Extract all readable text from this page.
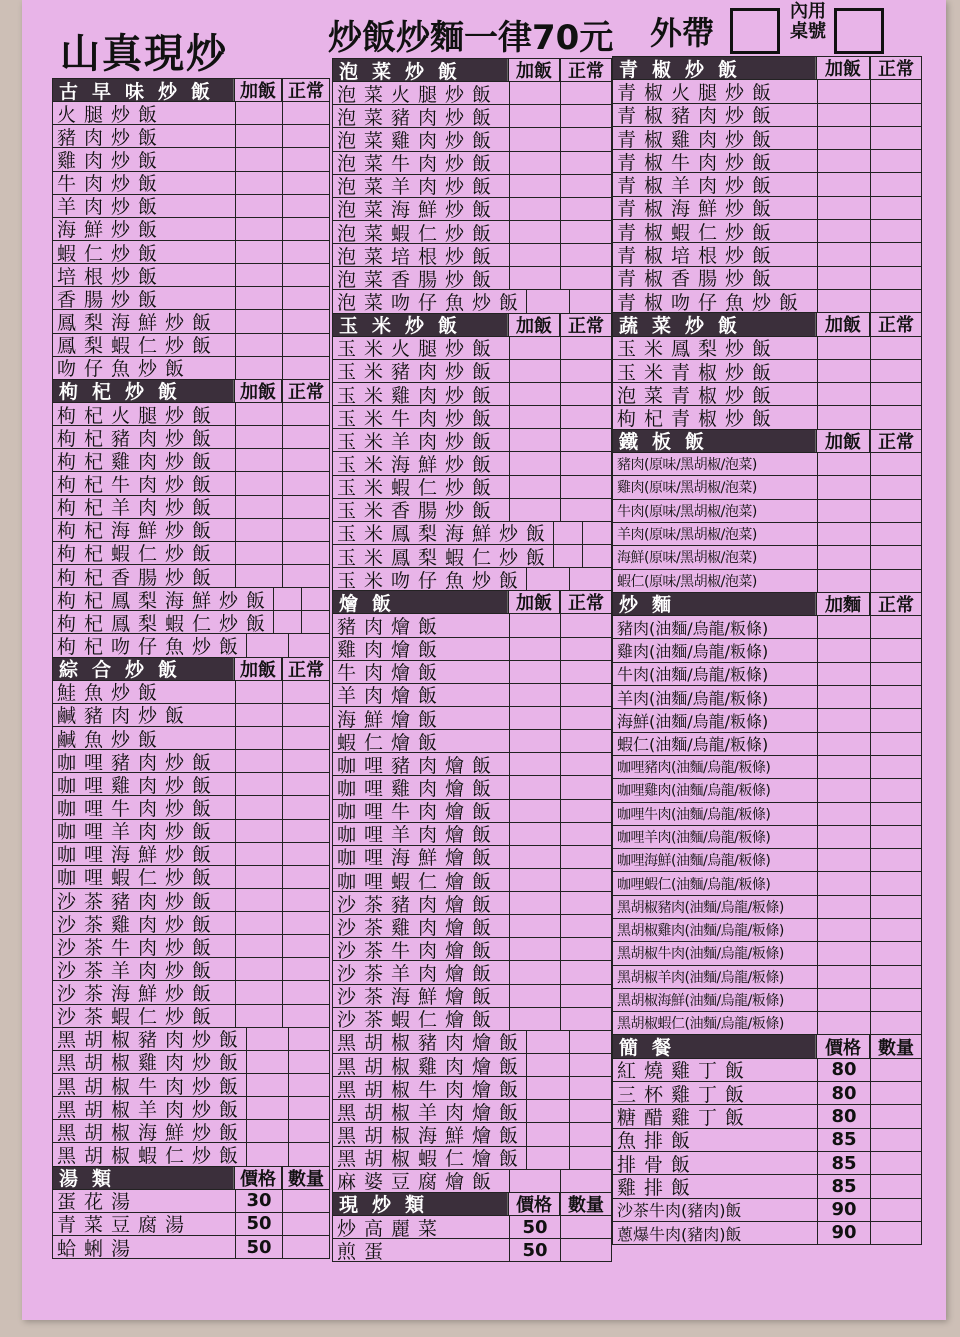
山真現炒	炒飯炒麵一律70元 外帶
內用
桌號
古早味炒飯 加飯 正常
火腿炒飯
豬肉炒飯
雞肉炒飯
牛肉炒飯
羊肉炒飯
海鮮炒飯
蝦仁炒飯
培根炒飯
香腸炒飯
鳳梨海鮮炒飯
鳳梨蝦仁炒飯
吻仔魚炒飯
枸杞炒飯	加飯 正常
枸杞火腿炒飯
枸杞豬肉炒飯
枸杞雞肉炒飯
枸杞牛肉炒飯
枸杞羊肉炒飯
枸杞海鮮炒飯
枸杞蝦仁炒飯
枸杞香腸炒飯
枸杞鳳梨海鮮炒飯
枸杞鳳梨蝦仁炒飯
枸杞吻仔魚炒飯
綜合炒飯	加飯 正常
鮭魚炒飯
鹹豬肉炒飯
鹹魚炒飯
咖哩豬肉炒飯
咖哩雞肉炒飯
咖哩牛肉炒飯
咖哩羊肉炒飯
咖哩海鮮炒飯
咖哩蝦仁炒飯
沙茶豬肉炒飯
沙茶雞肉炒飯
沙茶牛肉炒飯
沙茶羊肉炒飯
沙茶海鮮炒飯
沙茶蝦仁炒飯
黑胡椒豬肉炒飯
黑胡椒雞肉炒飯
黑胡椒牛肉炒飯
黑胡椒羊肉炒飯
黑胡椒海鮮炒飯
黑胡椒蝦仁炒飯
湯類	價格 數量
蛋花湯	30
青菜豆腐湯	50
蛤蜊湯	50
泡菜炒飯	加飯 正常
泡菜火腿炒飯
泡菜豬肉炒飯
泡菜雞肉炒飯
泡菜牛肉炒飯
泡菜羊肉炒飯
泡菜海鮮炒飯
泡菜蝦仁炒飯
泡菜培根炒飯
泡菜香腸炒飯
泡菜吻仔魚炒飯
玉米炒飯	加飯 正常
玉米火腿炒飯
玉米豬肉炒飯
玉米雞肉炒飯
玉米牛肉炒飯
玉米羊肉炒飯
玉米海鮮炒飯
玉米蝦仁炒飯
玉米香腸炒飯
玉米鳳梨海鮮炒飯
玉米鳳梨蝦仁炒飯
玉米吻仔魚炒飯
燴飯	加飯 正常
豬肉燴飯
雞肉燴飯
牛肉燴飯
羊肉燴飯
海鮮燴飯
蝦仁燴飯
咖哩豬肉燴飯
咖哩雞肉燴飯
咖哩牛肉燴飯
咖哩羊肉燴飯
咖哩海鮮燴飯
咖哩蝦仁燴飯
沙茶豬肉燴飯
沙茶雞肉燴飯
沙茶牛肉燴飯
沙茶羊肉燴飯
沙茶海鮮燴飯
沙茶蝦仁燴飯
黑胡椒豬肉燴飯
黑胡椒雞肉燴飯
黑胡椒牛肉燴飯
黑胡椒羊肉燴飯
黑胡椒海鮮燴飯
黑胡椒蝦仁燴飯
麻婆豆腐燴飯
現炒類	價格 數量
炒高麗菜	50
煎蛋	50
青椒炒飯	加飯 正常
青椒火腿炒飯
青椒豬肉炒飯
青椒雞肉炒飯
青椒牛肉炒飯
青椒羊肉炒飯
青椒海鮮炒飯
青椒蝦仁炒飯
青椒培根炒飯
青椒香腸炒飯
青椒吻仔魚炒飯
蔬菜炒飯	加飯 正常
玉米鳳梨炒飯
玉米青椒炒飯
泡菜青椒炒飯
枸杞青椒炒飯
鐵板飯	加飯 正常
豬肉(原味/黑胡椒/泡菜)
雞肉(原味/黑胡椒/泡菜)
牛肉(原味/黑胡椒/泡菜)
羊肉(原味/黑胡椒/泡菜)
海鮮(原味/黑胡椒/泡菜)
蝦仁(原味/黑胡椒/泡菜)
炒麵	加麵 正常
豬肉(油麵/烏龍/粄條)
雞肉(油麵/烏龍/粄條)
牛肉(油麵/烏龍/粄條)
羊肉(油麵/烏龍/粄條)
海鮮(油麵/烏龍/粄條)
蝦仁(油麵/烏龍/粄條)
咖哩豬肉(油麵/烏龍/粄條)
咖哩雞肉(油麵/烏龍/粄條)
咖哩牛肉(油麵/烏龍/粄條)
咖哩羊肉(油麵/烏龍/粄條)
咖哩海鮮(油麵/烏龍/粄條)
咖哩蝦仁(油麵/烏龍/粄條)
黑胡椒豬肉(油麵/烏龍/粄條)
黑胡椒雞肉(油麵/烏龍/粄條)
黑胡椒牛肉(油麵/烏龍/粄條)
黑胡椒羊肉(油麵/烏龍/粄條)
黑胡椒海鮮(油麵/烏龍/粄條)
黑胡椒蝦仁(油麵/烏龍/粄條)
簡餐	價格 數量
紅燒雞丁飯	80
三杯雞丁飯	80
糖醋雞丁飯	80
魚排飯	85
排骨飯	85
雞排飯	85
沙茶牛肉(豬肉)飯	90
蔥爆牛肉(豬肉)飯	90
